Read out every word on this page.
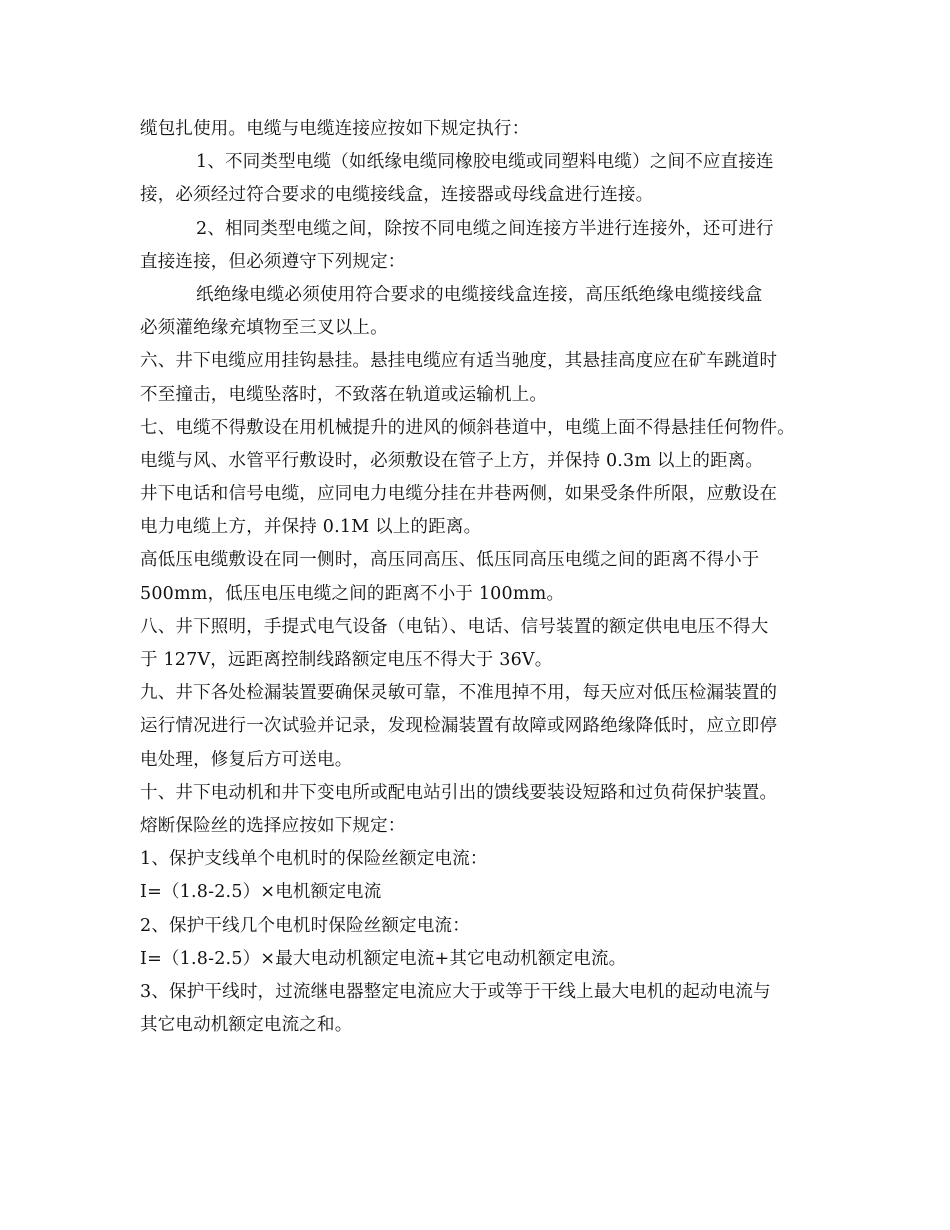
缆包扎使用。电缆与电缆连接应按如下规定执行：
1、不同类型电缆（如纸缘电缆同橡胶电缆或同塑料电缆）之间不应直接连
接，必须经过符合要求的电缆接线盒，连接器或母线盒进行连接。
2、相同类型电缆之间，除按不同电缆之间连接方半进行连接外，还可进行
直接连接，但必须遵守下列规定：
纸绝缘电缆必须使用符合要求的电缆接线盒连接，高压纸绝缘电缆接线盒
必须灌绝缘充填物至三叉以上。
六、井下电缆应用挂钩悬挂。悬挂电缆应有适当驰度，其悬挂高度应在矿车跳道时
不至撞击，电缆坠落时，不致落在轨道或运输机上。
七、电缆不得敷设在用机械提升的进风的倾斜巷道中，电缆上面不得悬挂任何物件。
电缆与风、水管平行敷设时，必须敷设在管子上方，并保持 0.3m 以上的距离。
井下电话和信号电缆，应同电力电缆分挂在井巷两侧，如果受条件所限，应敷设在
电力电缆上方，并保持 0.1M 以上的距离。
高低压电缆敷设在同一侧时，高压同高压、低压同高压电缆之间的距离不得小于
500mm，低压电压电缆之间的距离不小于 100mm。
八、井下照明，手提式电气设备（电钻）、电话、信号装置的额定供电电压不得大
于 127V，远距离控制线路额定电压不得大于 36V。
九、井下各处检漏装置要确保灵敏可靠，不准甩掉不用，每天应对低压检漏装置的
运行情况进行一次试验并记录，发现检漏装置有故障或网路绝缘降低时，应立即停
电处理，修复后方可送电。
十、井下电动机和井下变电所或配电站引出的馈线要装设短路和过负荷保护装置。
熔断保险丝的选择应按如下规定：
1、保护支线单个电机时的保险丝额定电流：
I=（1.8-2.5）×电机额定电流
2、保护干线几个电机时保险丝额定电流：
I=（1.8-2.5）×最大电动机额定电流+其它电动机额定电流。
3、保护干线时，过流继电器整定电流应大于或等于干线上最大电机的起动电流与
其它电动机额定电流之和。
